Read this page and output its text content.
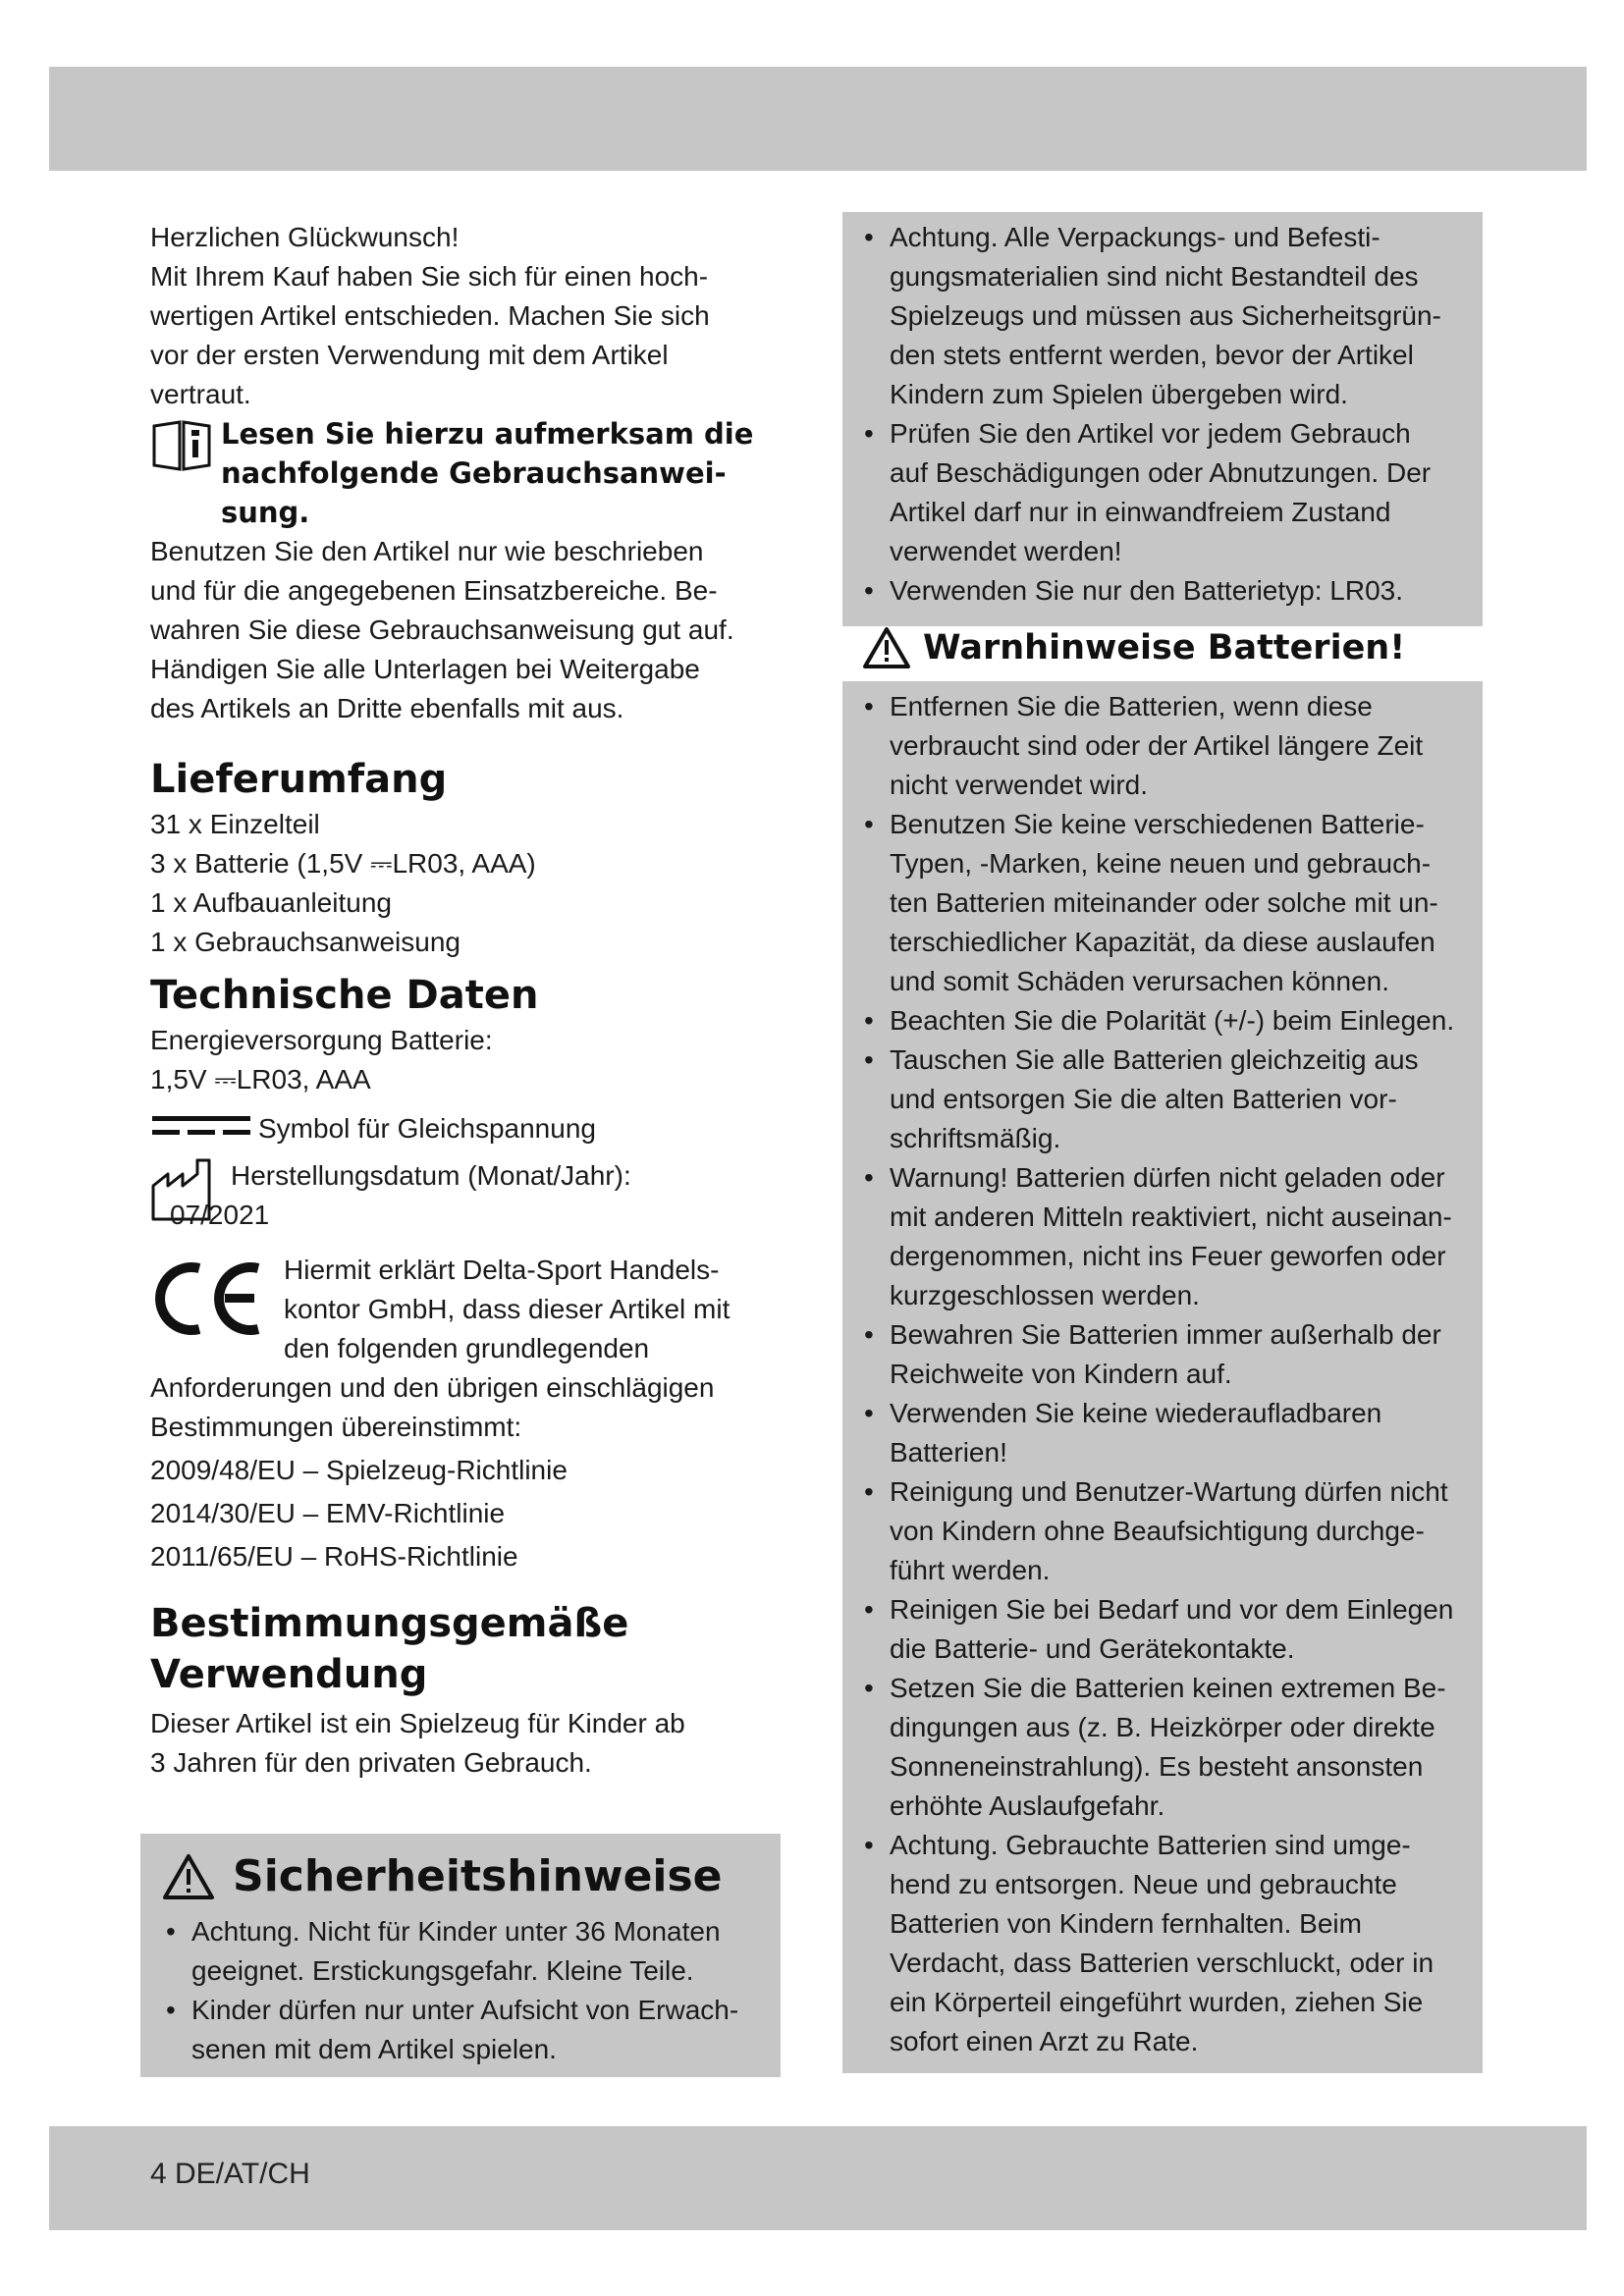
Herzlichen Glückwunsch!

Mit Ihrem Kauf haben Sie sich für einen hoch-

wertigen Artikel entschieden. Machen Sie sich

vor der ersten Verwendung mit dem Artikel

vertraut.

Lesen Sie hierzu aufmerksam die
nachfolgende Gebrauchsanwei-
sung.

Benutzen Sie den Artikel nur wie beschrieben

und für die angegebenen Einsatzbereiche. Be-

wahren Sie diese Gebrauchsanweisung gut auf.

Händigen Sie alle Unterlagen bei Weitergabe

des Artikels an Dritte ebenfalls mit aus.

Lieferumfang

31 x Einzelteil

3 x Batterie (1,5V ⎓LR03, AAA)

1 x Aufbauanleitung

1 x Gebrauchsanweisung

Technische Daten

Energieversorgung Batterie:

1,5V ⎓LR03, AAA

Symbol für Gleichspannung
Herstellungsdatum (Monat/Jahr):
07/2021

Hiermit erklärt Delta-Sport Handels-

kontor GmbH, dass dieser Artikel mit

den folgenden grundlegenden

Anforderungen und den übrigen einschlägigen

Bestimmungen übereinstimmt:

2009/48/EU – Spielzeug-Richtlinie

2014/30/EU – EMV-Richtlinie

2011/65/EU – RoHS-Richtlinie

Bestimmungsgemäße
Verwendung

Dieser Artikel ist ein Spielzeug für Kinder ab

3 Jahren für den privaten Gebrauch.

Sicherheitshinweise
• Achtung. Nicht für Kinder unter 36 Monaten
geeignet. Erstickungsgefahr. Kleine Teile.
• Kinder dürfen nur unter Aufsicht von Erwach-
senen mit dem Artikel spielen.
• Achtung. Alle Verpackungs- und Befesti-
gungsmaterialien sind nicht Bestandteil des
Spielzeugs und müssen aus Sicherheitsgrün-
den stets entfernt werden, bevor der Artikel
Kindern zum Spielen übergeben wird.
• Prüfen Sie den Artikel vor jedem Gebrauch
auf Beschädigungen oder Abnutzungen. Der
Artikel darf nur in einwandfreiem Zustand
verwendet werden!
• Verwenden Sie nur den Batterietyp: LR03.
Warnhinweise Batterien!
• Entfernen Sie die Batterien, wenn diese
verbraucht sind oder der Artikel längere Zeit
nicht verwendet wird.
• Benutzen Sie keine verschiedenen Batterie-
Typen, -Marken, keine neuen und gebrauch-
ten Batterien miteinander oder solche mit un-
terschiedlicher Kapazität, da diese auslaufen
und somit Schäden verursachen können.
• Beachten Sie die Polarität (+/-) beim Einlegen.
• Tauschen Sie alle Batterien gleichzeitig aus
und entsorgen Sie die alten Batterien vor-
schriftsmäßig.
• Warnung! Batterien dürfen nicht geladen oder
mit anderen Mitteln reaktiviert, nicht auseinan-
dergenommen, nicht ins Feuer geworfen oder
kurzgeschlossen werden.
• Bewahren Sie Batterien immer außerhalb der
Reichweite von Kindern auf.
• Verwenden Sie keine wiederaufladbaren
Batterien!
• Reinigung und Benutzer-Wartung dürfen nicht
von Kindern ohne Beaufsichtigung durchge-
führt werden.
• Reinigen Sie bei Bedarf und vor dem Einlegen
die Batterie- und Gerätekontakte.
• Setzen Sie die Batterien keinen extremen Be-
dingungen aus (z. B. Heizkörper oder direkte
Sonneneinstrahlung). Es besteht ansonsten
erhöhte Auslaufgefahr.
• Achtung. Gebrauchte Batterien sind umge-
hend zu entsorgen. Neue und gebrauchte
Batterien von Kindern fernhalten. Beim
Verdacht, dass Batterien verschluckt, oder in
ein Körperteil eingeführt wurden, ziehen Sie
sofort einen Arzt zu Rate.
4 DE/AT/CH
